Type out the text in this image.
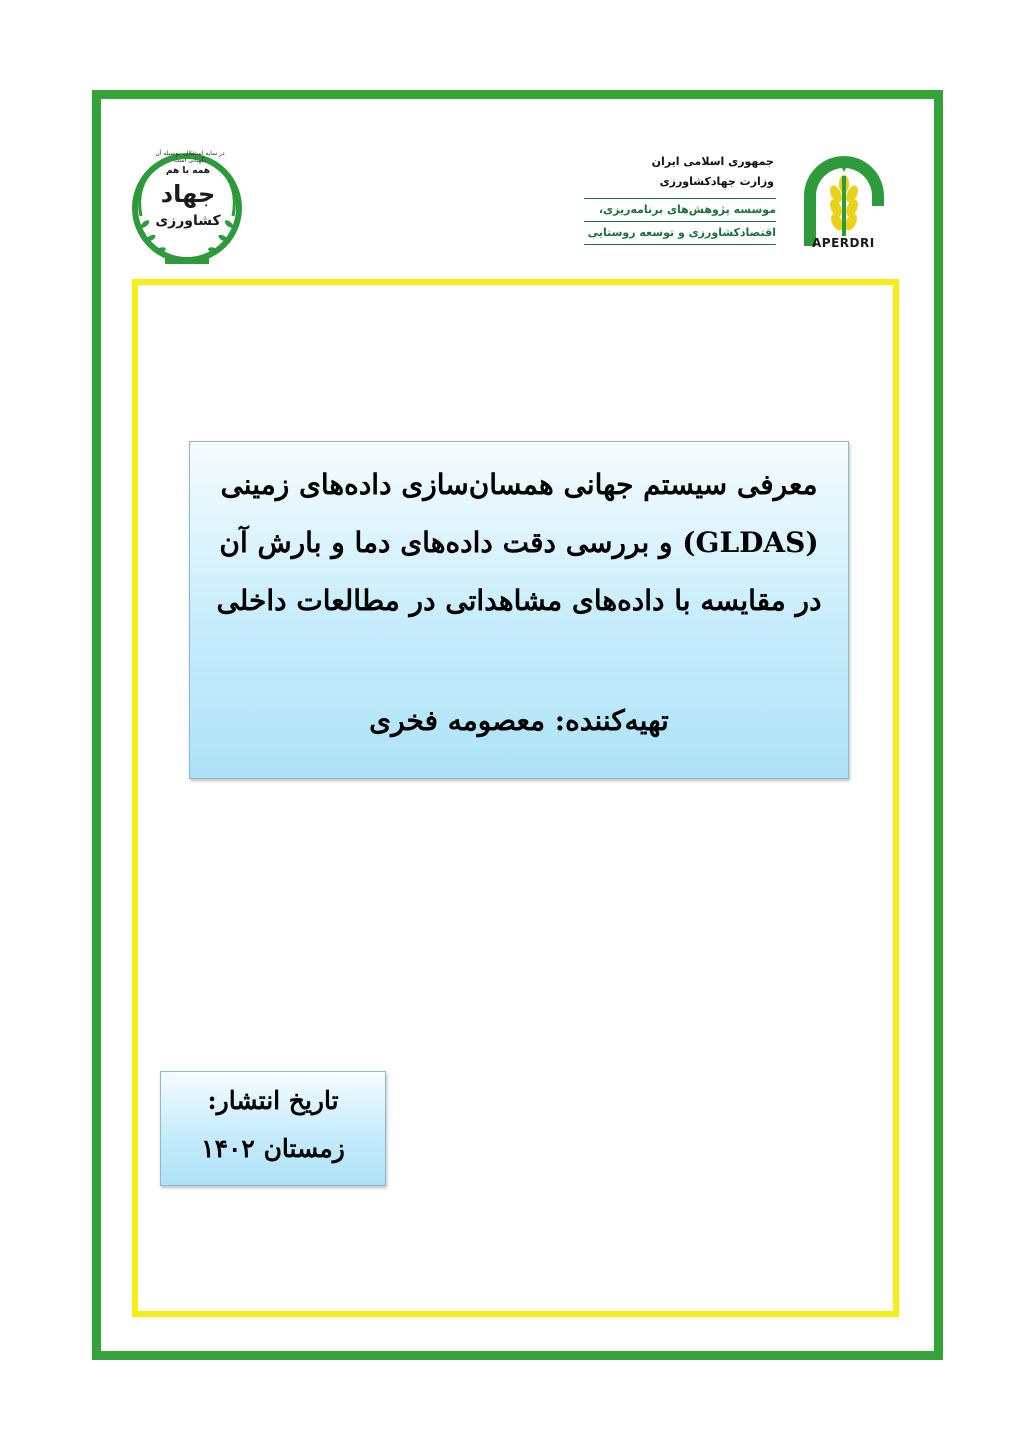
در سایه استقلال، بوسیله آن نگهبانی است
همه با هم
جهاد
کشاورزی
جمهوری اسلامی ایران
وزارت جهادکشاورزی
موسسه پژوهش‌های برنامه‌ریزی،
اقتصادکشاورزی و توسعه روستایی
APERDRI
معرفی سیستم جهانی همسان‌سازی داده‌های زمینی
(GLDAS) و بررسی دقت داده‌های دما و بارش آن
در مقایسه با داده‌های مشاهداتی در مطالعات داخلی
تهیه‌کننده: معصومه فخری
تاریخ انتشار:
زمستان ۱۴۰۲
